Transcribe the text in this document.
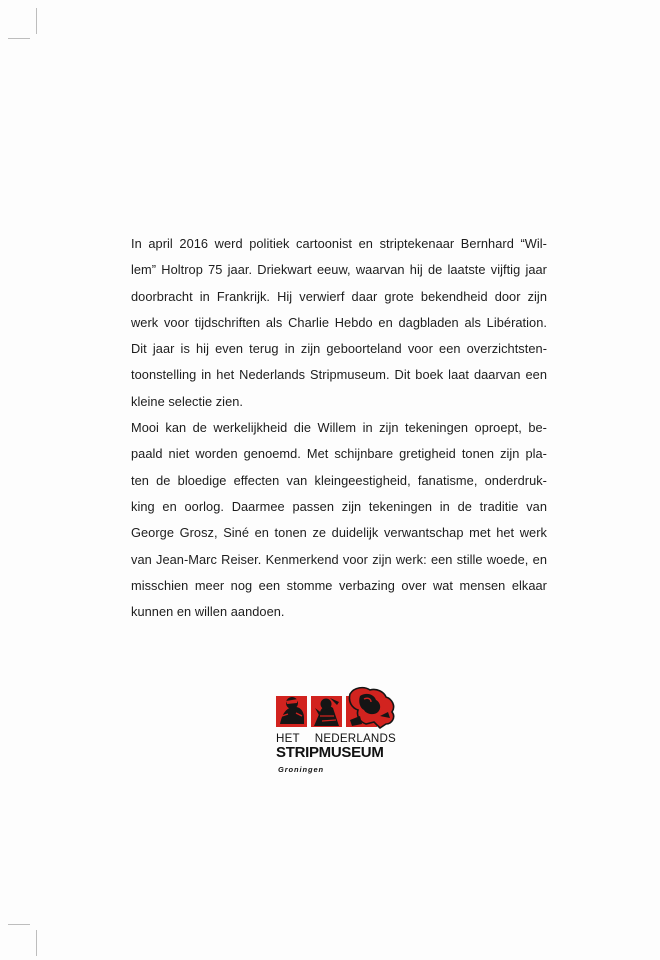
In april 2016 werd politiek cartoonist en striptekenaar Bernhard “Wil-
lem” Holtrop 75 jaar. Driekwart eeuw, waarvan hij de laatste vijftig jaar
doorbracht in Frankrijk. Hij verwierf daar grote bekendheid door zijn
werk voor tijdschriften als Charlie Hebdo en dagbladen als Libération.
Dit jaar is hij even terug in zijn geboorteland voor een overzichtsten-
toonstelling in het Nederlands Stripmuseum. Dit boek laat daarvan een
kleine selectie zien.
Mooi kan de werkelijkheid die Willem in zijn tekeningen oproept, be-
paald niet worden genoemd. Met schijnbare gretigheid tonen zijn pla-
ten de bloedige effecten van kleingeestigheid, fanatisme, onderdruk-
king en oorlog. Daarmee passen zijn tekeningen in de traditie van
George Grosz, Siné en tonen ze duidelijk verwantschap met het werk
van Jean-Marc Reiser. Kenmerkend voor zijn werk: een stille woede, en
misschien meer nog een stomme verbazing over wat mensen elkaar
kunnen en willen aandoen.
HET NEDERLANDS
STRIPMUSEUM
Groningen
